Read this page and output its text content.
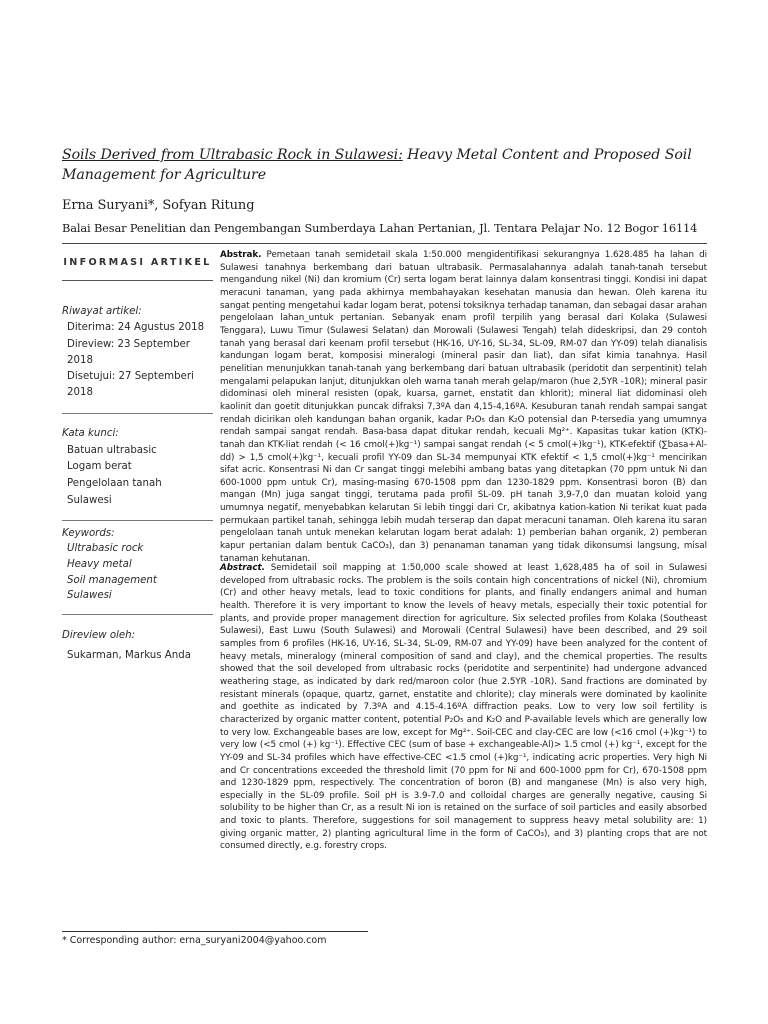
Soils Derived from Ultrabasic Rock in Sulawesi: Heavy Metal Content and Proposed Soil Management for Agriculture
Erna Suryani*, Sofyan Ritung
Balai Besar Penelitian dan Pengembangan Sumberdaya Lahan Pertanian, Jl. Tentara Pelajar No. 12 Bogor 16114
INFORMASI ARTIKEL
Riwayat artikel:
Diterima: 24 Agustus 2018
Direview: 23 September 2018
Disetujui: 27 Septemberi 2018
Kata kunci:
Batuan ultrabasic
Logam berat
Pengelolaan tanah
Sulawesi
Keywords:
Ultrabasic rock
Heavy metal
Soil management
Sulawesi
Direview oleh:
Sukarman, Markus Anda

Abstrak. Pemetaan tanah semidetail skala 1:50.000 mengidentifikasi sekurangnya 1.628.485 ha lahan di Sulawesi tanahnya berkembang dari batuan ultrabasik. Permasalahannya adalah tanah-tanah tersebut mengandung nikel (Ni) dan kromium (Cr) serta logam berat lainnya dalam konsentrasi tinggi. Kondisi ini dapat meracuni tanaman, yang pada akhirnya membahayakan kesehatan manusia dan hewan. Oleh karena itu sangat penting mengetahui kadar logam berat, potensi toksiknya terhadap tanaman, dan sebagai dasar arahan pengelolaan lahan_untuk pertanian. Sebanyak enam profil terpilih yang berasal dari Kolaka (Sulawesi Tenggara), Luwu Timur (Sulawesi Selatan) dan Morowali (Sulawesi Tengah) telah dideskripsi, dan 29 contoh tanah yang berasal dari keenam profil tersebut (HK-16, UY-16, SL-34, SL-09, RM-07 dan YY-09) telah dianalisis kandungan logam berat, komposisi mineralogi (mineral pasir dan liat), dan sifat kimia tanahnya. Hasil penelitian menunjukkan tanah-tanah yang berkembang dari batuan ultrabasik (peridotit dan serpentinit) telah mengalami pelapukan lanjut, ditunjukkan oleh warna tanah merah gelap/maron (hue 2,5YR -10R); mineral pasir didominasi oleh mineral resisten (opak, kuarsa, garnet, enstatit dan khlorit); mineral liat didominasi oleh kaolinit dan goetit ditunjukkan puncak difraksi 7,3ºA dan 4,15-4,16ºA. Kesuburan tanah rendah sampai sangat rendah dicirikan oleh kandungan bahan organik, kadar P₂O₅ dan K₂O potensial dan P-tersedia yang umumnya rendah sampai sangat rendah. Basa-basa dapat ditukar rendah, kecuali Mg²⁺. Kapasitas tukar kation (KTK)-tanah dan KTK-liat rendah (< 16 cmol(+)kg⁻¹) sampai sangat rendah (< 5 cmol(+)kg⁻¹), KTK-efektif (∑basa+Al-dd) > 1,5 cmol(+)kg⁻¹, kecuali profil YY-09 dan SL-34 mempunyai KTK efektif < 1,5 cmol(+)kg⁻¹ mencirikan sifat acric. Konsentrasi Ni dan Cr sangat tinggi melebihi ambang batas yang ditetapkan (70 ppm untuk Ni dan 600-1000 ppm untuk Cr), masing-masing 670-1508 ppm dan 1230-1829 ppm. Konsentrasi boron (B) dan mangan (Mn) juga sangat tinggi, terutama pada profil SL-09. pH tanah 3,9-7,0 dan muatan koloid yang umumnya negatif, menyebabkan kelarutan Si lebih tinggi dari Cr, akibatnya kation-kation Ni terikat kuat pada permukaan partikel tanah, sehingga lebih mudah terserap dan dapat meracuni tanaman. Oleh karena itu saran pengelolaan tanah untuk menekan kelarutan logam berat adalah: 1) pemberian bahan organik, 2) pemberan kapur pertanian dalam bentuk CaCO₃), dan 3) penanaman tanaman yang tidak dikonsumsi langsung, misal tanaman kehutanan.

Abstract. Semidetail soil mapping at 1:50,000 scale showed at least 1,628,485 ha of soil in Sulawesi developed from ultrabasic rocks. The problem is the soils contain high concentrations of nickel (Ni), chromium (Cr) and other heavy metals, lead to toxic conditions for plants, and finally endangers animal and human health. Therefore it is very important to know the levels of heavy metals, especially their toxic potential for plants, and provide proper management direction for agriculture. Six selected profiles from Kolaka (Southeast Sulawesi), East Luwu (South Sulawesi) and Morowali (Central Sulawesi) have been described, and 29 soil samples from 6 profiles (HK-16, UY-16, SL-34, SL-09, RM-07 and YY-09) have been analyzed for the content of heavy metals, mineralogy (mineral composition of sand and clay), and the chemical properties. The results showed that the soil developed from ultrabasic rocks (peridotite and serpentinite) had undergone advanced weathering stage, as indicated by dark red/maroon color (hue 2.5YR -10R). Sand fractions are dominated by resistant minerals (opaque, quartz, garnet, enstatite and chlorite); clay minerals were dominated by kaolinite and goethite as indicated by 7.3ºA and 4.15-4.16ºA diffraction peaks. Low to very low soil fertility is characterized by organic matter content, potential P₂O₅ and K₂O and P-available levels which are generally low to very low. Exchangeable bases are low, except for Mg²⁺. Soil-CEC and clay-CEC are low (<16 cmol (+)kg⁻¹) to very low (<5 cmol (+) kg⁻¹). Effective CEC (sum of base + exchangeable-Al)> 1.5 cmol (+) kg⁻¹, except for the YY-09 and SL-34 profiles which have effective-CEC <1.5 cmol (+)kg⁻¹, indicating acric properties. Very high Ni and Cr concentrations exceeded the threshold limit (70 ppm for Ni and 600-1000 ppm for Cr), 670-1508 ppm and 1230-1829 ppm, respectively. The concentration of boron (B) and manganese (Mn) is also very high, especially in the SL-09 profile. Soil pH is 3.9-7.0 and colloidal charges are generally negative, causing Si solubility to be higher than Cr, as a result Ni ion is retained on the surface of soil particles and easily absorbed and toxic to plants. Therefore, suggestions for soil management to suppress heavy metal solubility are: 1) giving organic matter, 2) planting agricultural lime in the form of CaCO₃), and 3) planting crops that are not consumed directly, e.g. forestry crops.

* Corresponding author: erna_suryani2004@yahoo.com
